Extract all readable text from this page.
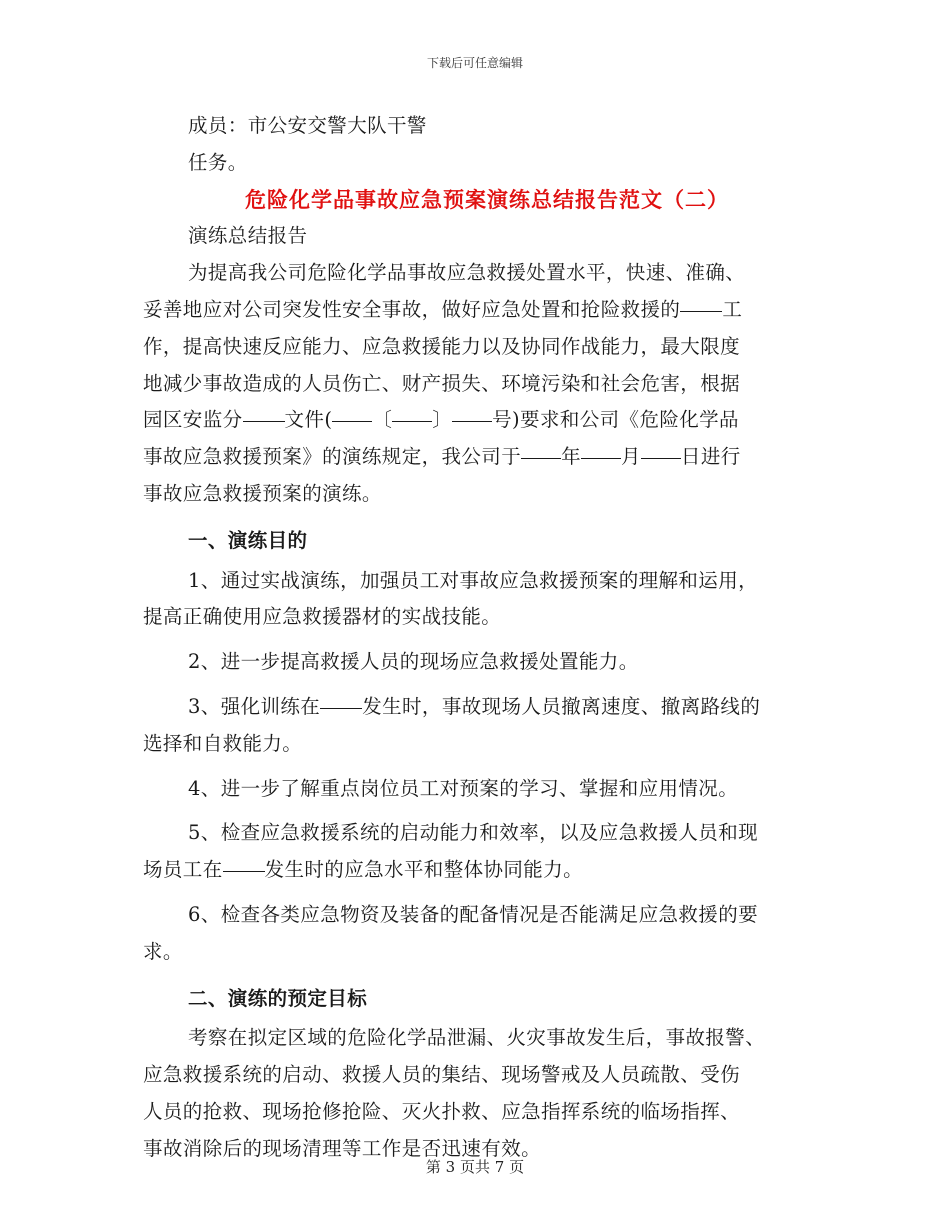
下载后可任意编辑
成员：市公安交警大队干警
任务。
危险化学品事故应急预案演练总结报告范文（二）
演练总结报告
为提高我公司危险化学品事故应急救援处置水平，快速、准确、
妥善地应对公司突发性安全事故，做好应急处置和抢险救援的 工
作，提高快速反应能力、应急救援能力以及协同作战能力，最大限度
地减少事故造成的人员伤亡、财产损失、环境污染和社会危害，根据
园区安监分 文件( 〔 〕 号)要求和公司《危险化学品
事故应急救援预案》的演练规定，我公司于 年 月 日进行
事故应急救援预案的演练。
一、演练目的
1、通过实战演练，加强员工对事故应急救援预案的理解和运用，
提高正确使用应急救援器材的实战技能。
2、进一步提高救援人员的现场应急救援处置能力。
3、强化训练在 发生时，事故现场人员撤离速度、撤离路线的
选择和自救能力。
4、进一步了解重点岗位员工对预案的学习、掌握和应用情况。
5、检查应急救援系统的启动能力和效率，以及应急救援人员和现
场员工在 发生时的应急水平和整体协同能力。
6、检查各类应急物资及装备的配备情况是否能满足应急救援的要
求。
二、演练的预定目标
考察在拟定区域的危险化学品泄漏、火灾事故发生后，事故报警、
应急救援系统的启动、救援人员的集结、现场警戒及人员疏散、受伤
人员的抢救、现场抢修抢险、灭火扑救、应急指挥系统的临场指挥、
事故消除后的现场清理等工作是否迅速有效。
第 3 页共 7 页
